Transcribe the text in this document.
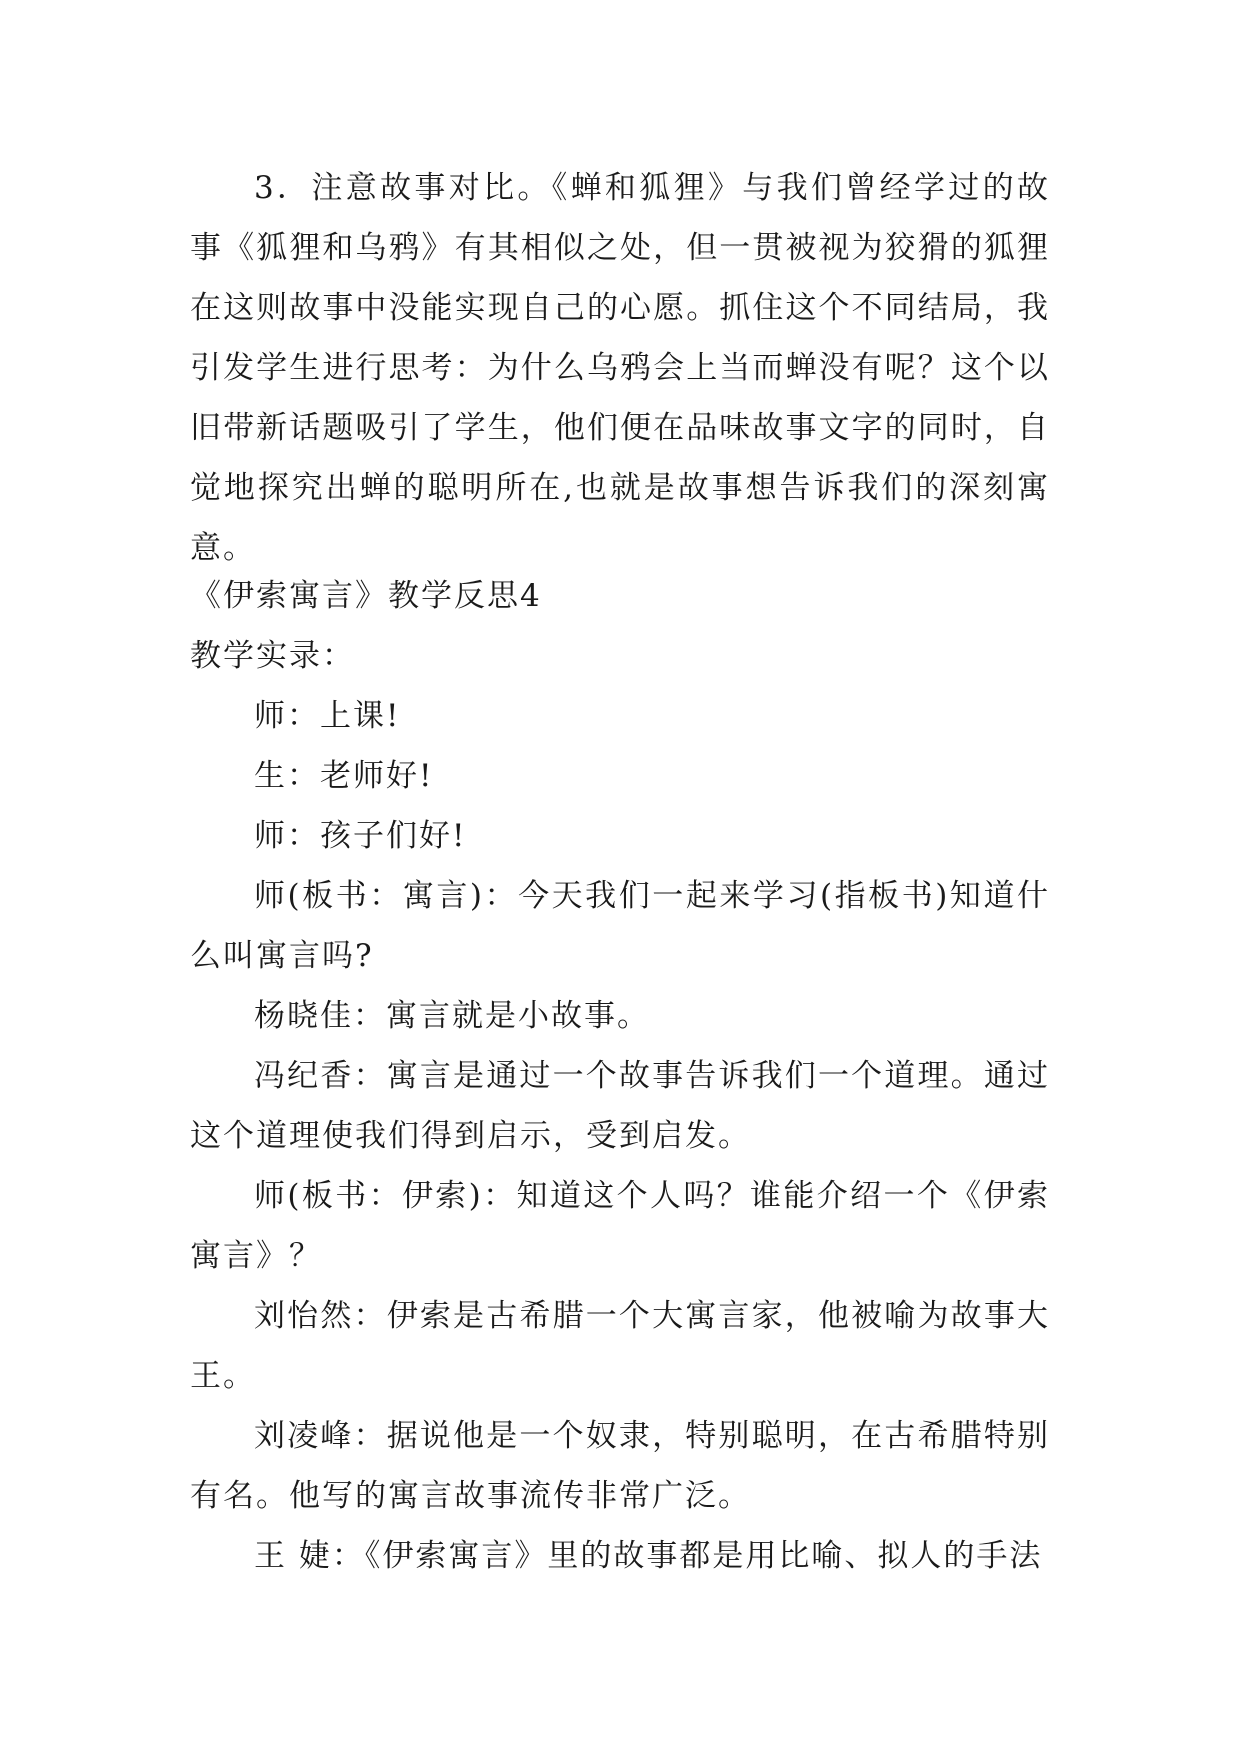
3．注意故事对比。《蝉和狐狸》与我们曾经学过的故事《狐狸和乌鸦》有其相似之处，但一贯被视为狡猾的狐狸在这则故事中没能实现自己的心愿。抓住这个不同结局，我引发学生进行思考：为什么乌鸦会上当而蝉没有呢？这个以旧带新话题吸引了学生，他们便在品味故事文字的同时，自觉地探究出蝉的聪明所在,也就是故事想告诉我们的深刻寓意。

《伊索寓言》教学反思4

教学实录：

师：上课!

生：老师好!

师：孩子们好!

师(板书：寓言)：今天我们一起来学习(指板书)知道什么叫寓言吗?

杨晓佳：寓言就是小故事。

冯纪香：寓言是通过一个故事告诉我们一个道理。通过这个道理使我们得到启示，受到启发。

师(板书：伊索)：知道这个人吗？谁能介绍一个《伊索寓言》？

刘怡然：伊索是古希腊一个大寓言家，他被喻为故事大王。

刘凌峰：据说他是一个奴隶，特别聪明，在古希腊特别有名。他写的寓言故事流传非常广泛。

王 婕：《伊索寓言》里的故事都是用比喻、拟人的手法
